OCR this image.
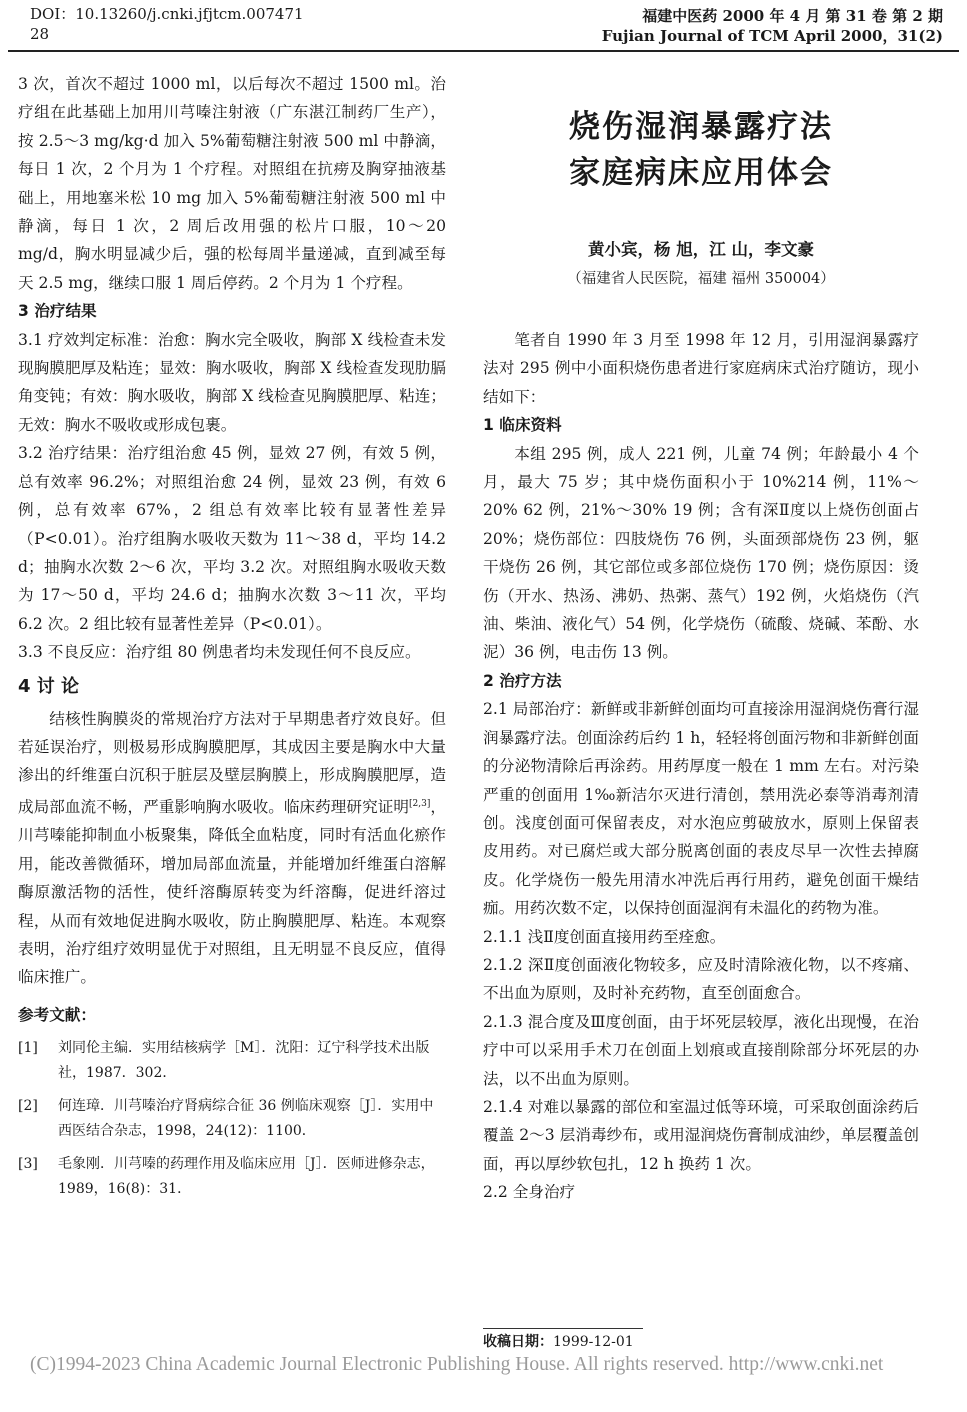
DOI：10.13260/j.cnki.jfjtcm.007471
28
福建中医药 2000 年 4 月 第 31 卷 第 2 期
Fujian Journal of TCM April 2000，31(2)

3 次，首次不超过 1000 ml，以后每次不超过 1500 ml。治疗组在此基础上加用川芎嗪注射液（广东湛江制药厂生产），按 2.5～3 mg/kg·d 加入 5%葡萄糖注射液 500 ml 中静滴，每日 1 次，2 个月为 1 个疗程。对照组在抗痨及胸穿抽液基础上，用地塞米松 10 mg 加入 5%葡萄糖注射液 500 ml 中静滴，每日 1 次，2 周后改用强的松片口服，10～20 mg/d，胸水明显减少后，强的松每周半量递减，直到减至每天 2.5 mg，继续口服 1 周后停药。2 个月为 1 个疗程。

3 治疗结果

3.1 疗效判定标准：治愈：胸水完全吸收，胸部 X 线检查未发现胸膜肥厚及粘连；显效：胸水吸收，胸部 X 线检查发现肋膈角变钝；有效：胸水吸收，胸部 X 线检查见胸膜肥厚、粘连；无效：胸水不吸收或形成包裹。

3.2 治疗结果：治疗组治愈 45 例，显效 27 例，有效 5 例，总有效率 96.2%；对照组治愈 24 例，显效 23 例，有效 6 例，总有效率 67%，2 组总有效率比较有显著性差异（P<0.01）。治疗组胸水吸收天数为 11～38 d，平均 14.2 d；抽胸水次数 2～6 次，平均 3.2 次。对照组胸水吸收天数为 17～50 d，平均 24.6 d；抽胸水次数 3～11 次，平均 6.2 次。2 组比较有显著性差异（P<0.01）。

3.3 不良反应：治疗组 80 例患者均未发现任何不良反应。

4 讨 论

结核性胸膜炎的常规治疗方法对于早期患者疗效良好。但若延误治疗，则极易形成胸膜肥厚，其成因主要是胸水中大量渗出的纤维蛋白沉积于脏层及壁层胸膜上，形成胸膜肥厚，造成局部血流不畅，严重影响胸水吸收。临床药理研究证明[2,3]，川芎嗪能抑制血小板聚集，降低全血粘度，同时有活血化瘀作用，能改善微循环，增加局部血流量，并能增加纤维蛋白溶解酶原激活物的活性，使纤溶酶原转变为纤溶酶，促进纤溶过程，从而有效地促进胸水吸收，防止胸膜肥厚、粘连。本观察表明，治疗组疗效明显优于对照组，且无明显不良反应，值得临床推广。

参考文献：

[1]	刘同伦主编．实用结核病学［M］．沈阳：辽宁科学技术出版社，1987．302．
[2]	何连璋．川芎嗪治疗肾病综合征 36 例临床观察［J］．实用中西医结合杂志，1998，24(12)：1100．
[3]	毛象刚．川芎嗪的药理作用及临床应用［J］．医师进修杂志，1989，16(8)：31．
烧伤湿润暴露疗法
家庭病床应用体会
黄小宾，杨 旭，江 山，李文豪
（福建省人民医院，福建 福州 350004）

笔者自 1990 年 3 月至 1998 年 12 月，引用湿润暴露疗法对 295 例中小面积烧伤患者进行家庭病床式治疗随访，现小结如下：

1 临床资料

本组 295 例，成人 221 例，儿童 74 例；年龄最小 4 个月，最大 75 岁；其中烧伤面积小于 10%214 例，11%～20% 62 例，21%～30% 19 例；含有深Ⅱ度以上烧伤创面占 20%；烧伤部位：四肢烧伤 76 例，头面颈部烧伤 23 例，躯干烧伤 26 例，其它部位或多部位烧伤 170 例；烧伤原因：烫伤（开水、热汤、沸奶、热粥、蒸气）192 例，火焰烧伤（汽油、柴油、液化气）54 例，化学烧伤（硫酸、烧碱、苯酚、水泥）36 例，电击伤 13 例。

2 治疗方法

2.1 局部治疗：新鲜或非新鲜创面均可直接涂用湿润烧伤膏行湿润暴露疗法。创面涂药后约 1 h，轻轻将创面污物和非新鲜创面的分泌物清除后再涂药。用药厚度一般在 1 mm 左右。对污染严重的创面用 1‰新洁尔灭进行清创，禁用洗必泰等消毒剂清创。浅度创面可保留表皮，对水泡应剪破放水，原则上保留表皮用药。对已腐烂或大部分脱离创面的表皮尽早一次性去掉腐皮。化学烧伤一般先用清水冲洗后再行用药，避免创面干燥结痂。用药次数不定，以保持创面湿润有未温化的药物为准。

2.1.1 浅Ⅱ度创面直接用药至痊愈。

2.1.2 深Ⅱ度创面液化物较多，应及时清除液化物，以不疼痛、不出血为原则，及时补充药物，直至创面愈合。

2.1.3 混合度及Ⅲ度创面，由于坏死层较厚，液化出现慢，在治疗中可以采用手术刀在创面上划痕或直接削除部分坏死层的办法，以不出血为原则。

2.1.4 对难以暴露的部位和室温过低等环境，可采取创面涂药后覆盖 2～3 层消毒纱布，或用湿润烧伤膏制成油纱，单层覆盖创面，再以厚纱软包扎，12 h 换药 1 次。

2.2 全身治疗

收稿日期：1999-12-01
(C)1994-2023 China Academic Journal Electronic Publishing House. All rights reserved. http://www.cnki.net
